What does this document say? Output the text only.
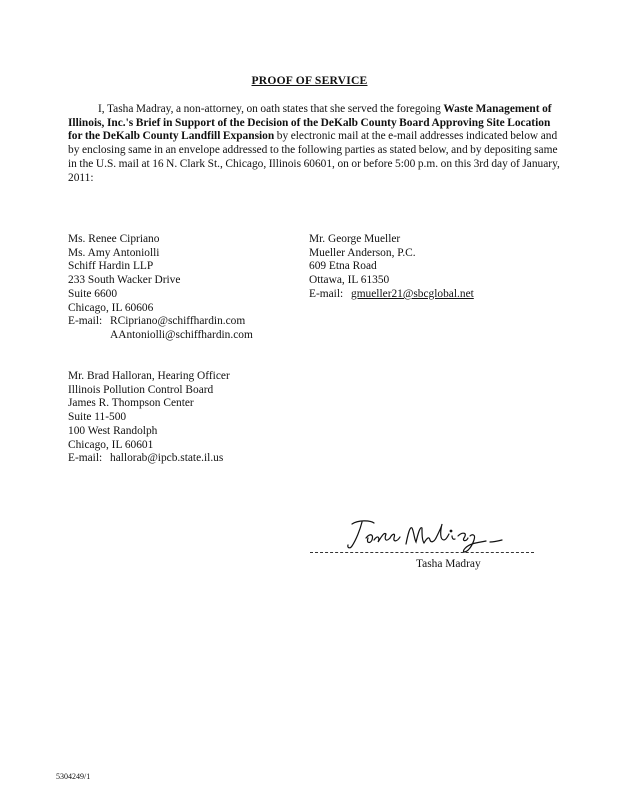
PROOF OF SERVICE
I, Tasha Madray, a non-attorney, on oath states that she served the foregoing Waste Management of Illinois, Inc.'s Brief in Support of the Decision of the DeKalb County Board Approving Site Location for the DeKalb County Landfill Expansion by electronic mail at the e-mail addresses indicated below and by enclosing same in an envelope addressed to the following parties as stated below, and by depositing same in the U.S. mail at 16 N. Clark St., Chicago, Illinois 60601, on or before 5:00 p.m. on this 3rd day of January, 2011:
Ms. Renee Cipriano
Ms. Amy Antoniolli
Schiff Hardin LLP
233 South Wacker Drive
Suite 6600
Chicago, IL 60606
E-mail: RCipriano@schiffhardin.com
AAntoniolli@schiffhardin.com
Mr. George Mueller
Mueller Anderson, P.C.
609 Etna Road
Ottawa, IL 61350
E-mail: gmueller21@sbcglobal.net
Mr. Brad Halloran, Hearing Officer
Illinois Pollution Control Board
James R. Thompson Center
Suite 11-500
100 West Randolph
Chicago, IL 60601
E-mail: hallorab@ipcb.state.il.us
Tasha Madray
5304249/1
